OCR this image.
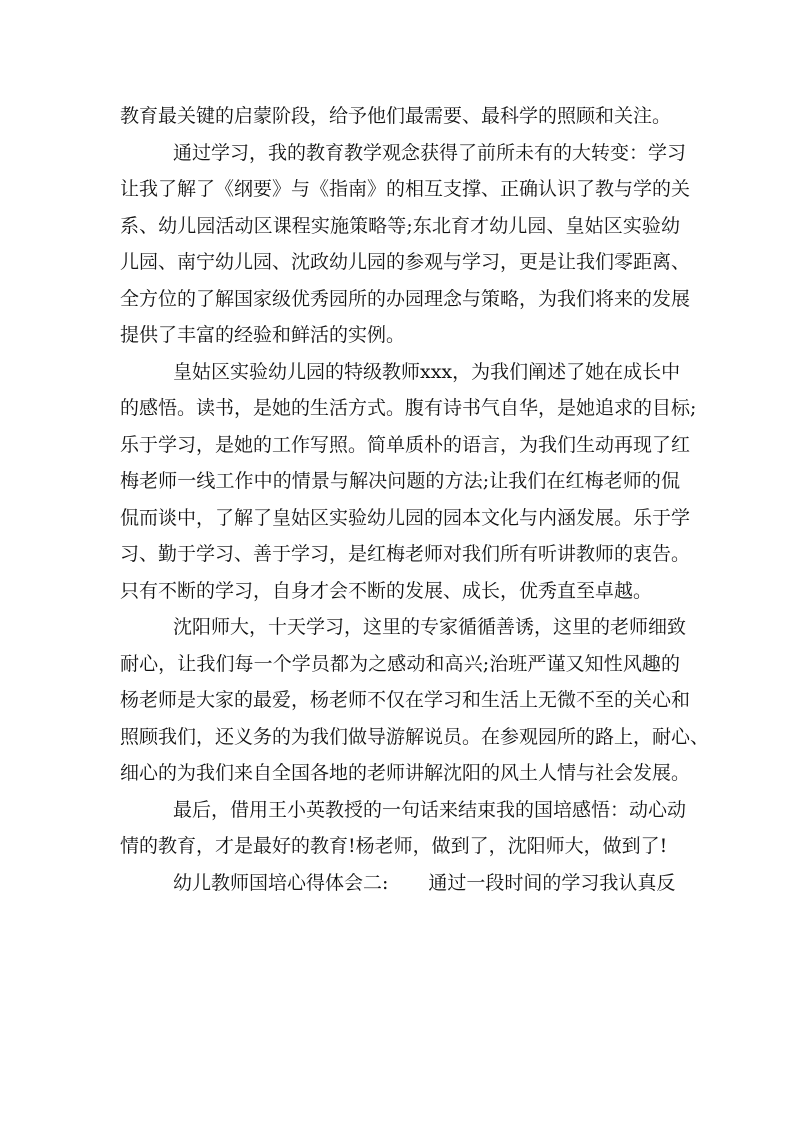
教育最关键的启蒙阶段，给予他们最需要、最科学的照顾和关注。
通过学习，我的教育教学观念获得了前所未有的大转变：学习
让我了解了《纲要》与《指南》的相互支撑、正确认识了教与学的关
系、幼儿园活动区课程实施策略等;东北育才幼儿园、皇姑区实验幼
儿园、南宁幼儿园、沈政幼儿园的参观与学习，更是让我们零距离、
全方位的了解国家级优秀园所的办园理念与策略，为我们将来的发展
提供了丰富的经验和鲜活的实例。
皇姑区实验幼儿园的特级教师xxx，为我们阐述了她在成长中
的感悟。读书，是她的生活方式。腹有诗书气自华，是她追求的目标;
乐于学习，是她的工作写照。简单质朴的语言，为我们生动再现了红
梅老师一线工作中的情景与解决问题的方法;让我们在红梅老师的侃
侃而谈中，了解了皇姑区实验幼儿园的园本文化与内涵发展。乐于学
习、勤于学习、善于学习，是红梅老师对我们所有听讲教师的衷告。
只有不断的学习，自身才会不断的发展、成长，优秀直至卓越。
沈阳师大，十天学习，这里的专家循循善诱，这里的老师细致
耐心，让我们每一个学员都为之感动和高兴;治班严谨又知性风趣的
杨老师是大家的最爱，杨老师不仅在学习和生活上无微不至的关心和
照顾我们，还义务的为我们做导游解说员。在参观园所的路上，耐心、
细心的为我们来自全国各地的老师讲解沈阳的风土人情与社会发展。
最后，借用王小英教授的一句话来结束我的国培感悟：动心动
情的教育，才是最好的教育!杨老师，做到了，沈阳师大，做到了!
幼儿教师国培心得体会二: 通过一段时间的学习我认真反
